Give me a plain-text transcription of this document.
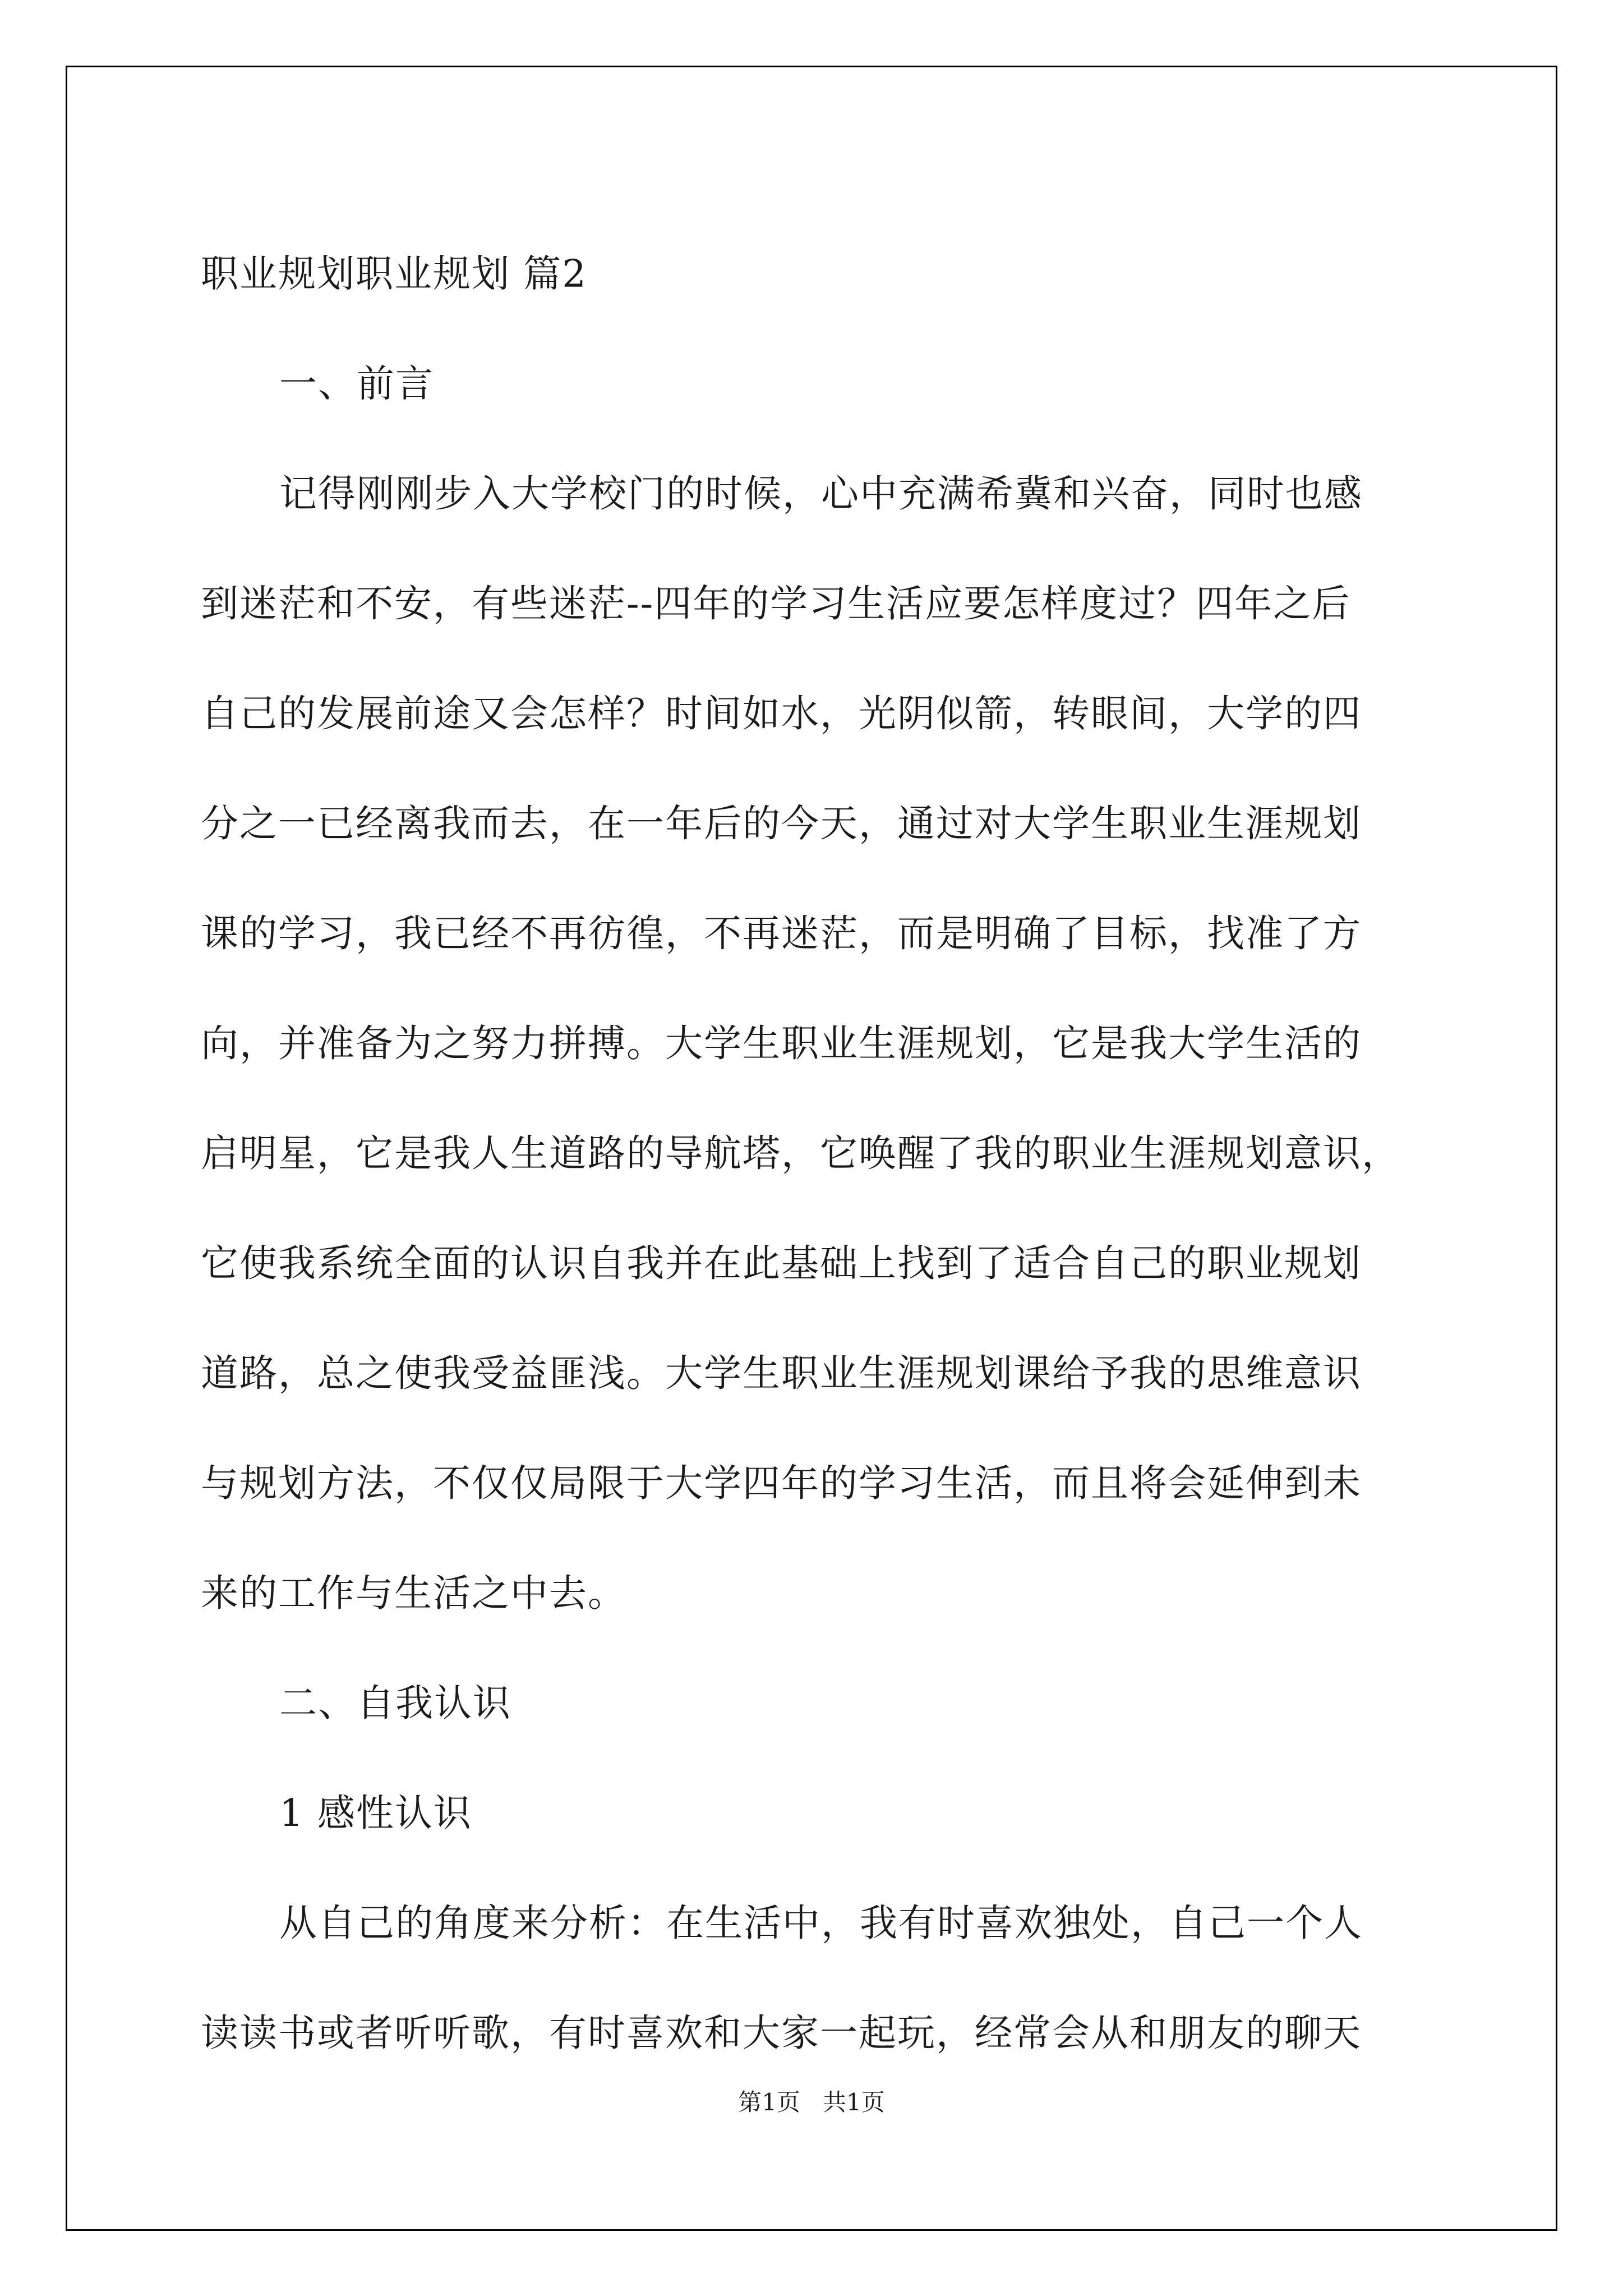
职业规划职业规划 篇2
一、前言
记得刚刚步入大学校门的时候，心中充满希冀和兴奋，同时也感
到迷茫和不安，有些迷茫--四年的学习生活应要怎样度过？四年之后
自己的发展前途又会怎样？时间如水，光阴似箭，转眼间，大学的四
分之一已经离我而去，在一年后的今天，通过对大学生职业生涯规划
课的学习，我已经不再彷徨，不再迷茫，而是明确了目标，找准了方
向，并准备为之努力拼搏。大学生职业生涯规划，它是我大学生活的
启明星，它是我人生道路的导航塔，它唤醒了我的职业生涯规划意识，
它使我系统全面的认识自我并在此基础上找到了适合自己的职业规划
道路，总之使我受益匪浅。大学生职业生涯规划课给予我的思维意识
与规划方法，不仅仅局限于大学四年的学习生活，而且将会延伸到未
来的工作与生活之中去。
二、自我认识
1 感性认识
从自己的角度来分析：在生活中，我有时喜欢独处，自己一个人
读读书或者听听歌，有时喜欢和大家一起玩，经常会从和朋友的聊天
第1页 共1页
